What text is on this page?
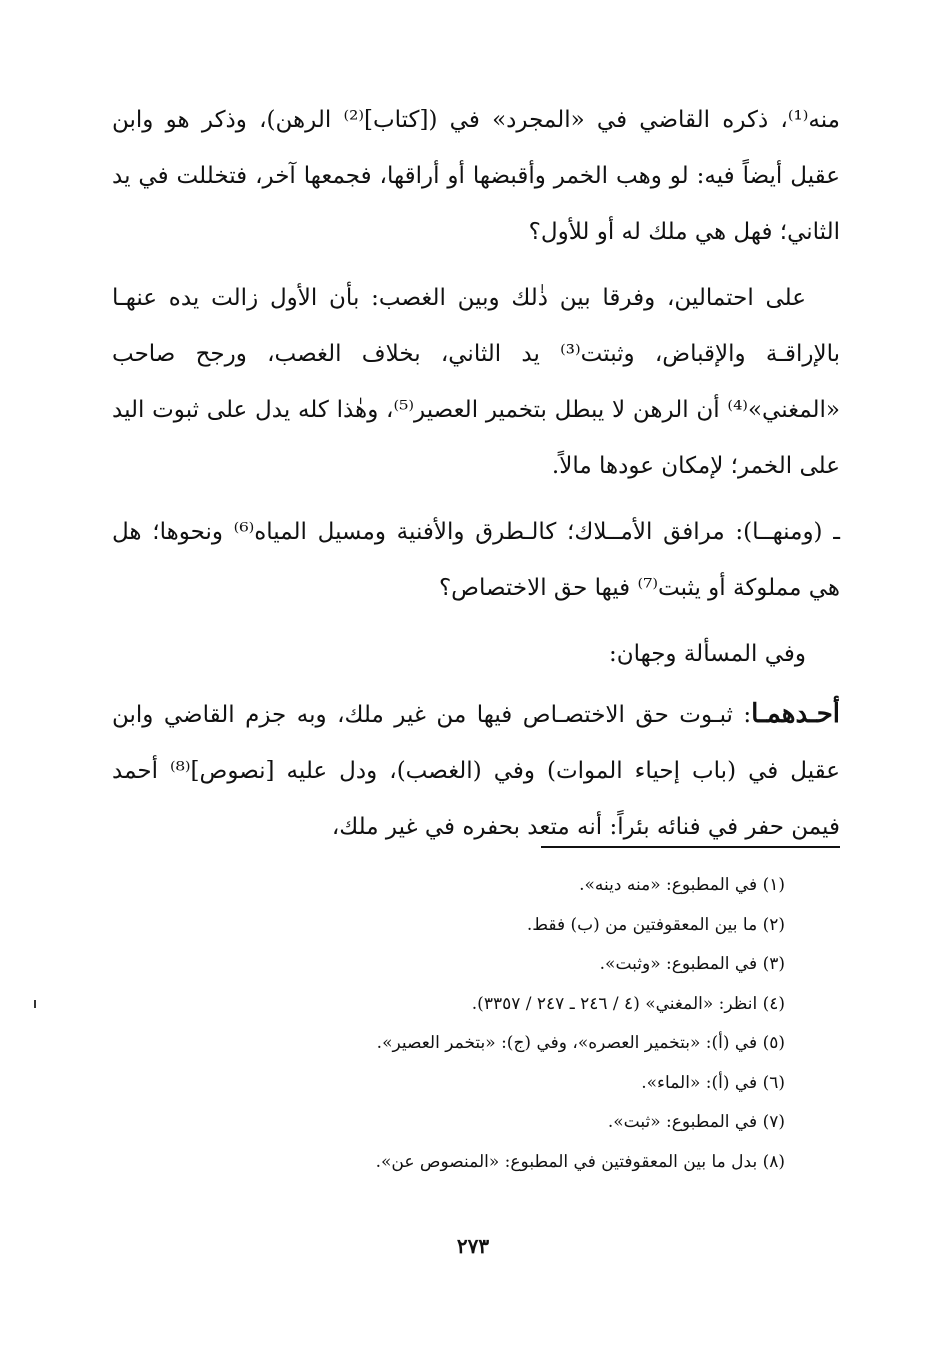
منه⁽¹⁾، ذكره القاضي في «المجرد» في ([كتاب]⁽²⁾ الرهن)، وذكر هو وابن عقيل أيضاً فيه: لو وهب الخمر وأقبضها أو أراقها، فجمعها آخر، فتخللت في يد الثاني؛ فهل هي ملك له أو للأول؟

على احتمالين، وفرقا بين ذٰلك وبين الغصب: بأن الأول زالت يده عنهـا بالإراقـة والإقباض، وثبتت⁽³⁾ يد الثاني، بخلاف الغصب، ورجح صاحب «المغني»⁽⁴⁾ أن الرهن لا يبطل بتخمير العصير⁽⁵⁾، وهٰذا كله يدل على ثبوت اليد على الخمر؛ لإمكان عودها مالاً.

ـ (ومنهــا): مرافق الأمــلاك؛ كالـطرق والأفنية ومسيل المياه⁽⁶⁾ ونحوها؛ هل هي مملوكة أو يثبت⁽⁷⁾ فيها حق الاختصاص؟

وفي المسألة وجهان:

أحـدهمـا: ثبـوت حق الاختصـاص فيها من غير ملك، وبه جزم القاضي وابن عقيل في (باب إحياء الموات) وفي (الغصب)، ودل عليه [نصوص]⁽⁸⁾ أحمد فيمن حفر في فنائه بئراً: أنه متعد بحفره في غير ملك،

(١) في المطبوع: «منه دينه».
(٢) ما بين المعقوفتين من (ب) فقط.
(٣) في المطبوع: «وثبت».
(٤) انظر: «المغني» (٤ / ٢٤٦ ـ ٢٤٧ / ٣٣٥٧).
(٥) في (أ): «بتخمير العصره»، وفي (ج): «بتخمر العصير».
(٦) في (أ): «الماء».
(٧) في المطبوع: «ثبت».
(٨) بدل ما بين المعقوفتين في المطبوع: «المنصوص عن».
٢٧٣
